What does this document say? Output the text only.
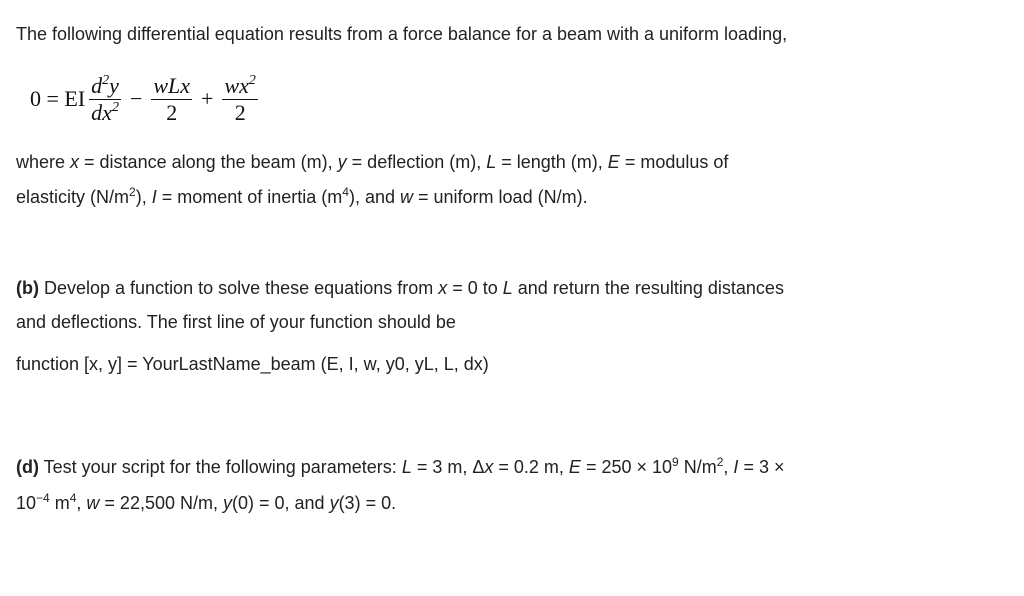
The following differential equation results from a force balance for a beam with a uniform loading,
0 = EI $\frac{d^2y}{dx^2} - \frac{\text{wLx}}{2} + \frac{wx^2}{2}$
where x = distance along the beam (m), y = deflection (m), L = length (m), E = modulus of
elasticity $(N/m^2)$, I = moment of inertia $(m^4)$, and w = uniform load (N/m).
(b) Develop a function to solve these equations from x = 0 to L and return the resulting distances
and deflections. The first line of your function should be
function [x, y] = YourLastName_beam (E, I, w, y0, yL, L, dx)
(d) Test your script for the following parameters: L = 3 m, Δx = 0.2 m, $E = 250 \times 10^9$ $N/m^2$, I = 3 ×
$10^{-4}$ $m^4$, w = 22,500 N/m, y(0) = 0, and y(3) = 0.
